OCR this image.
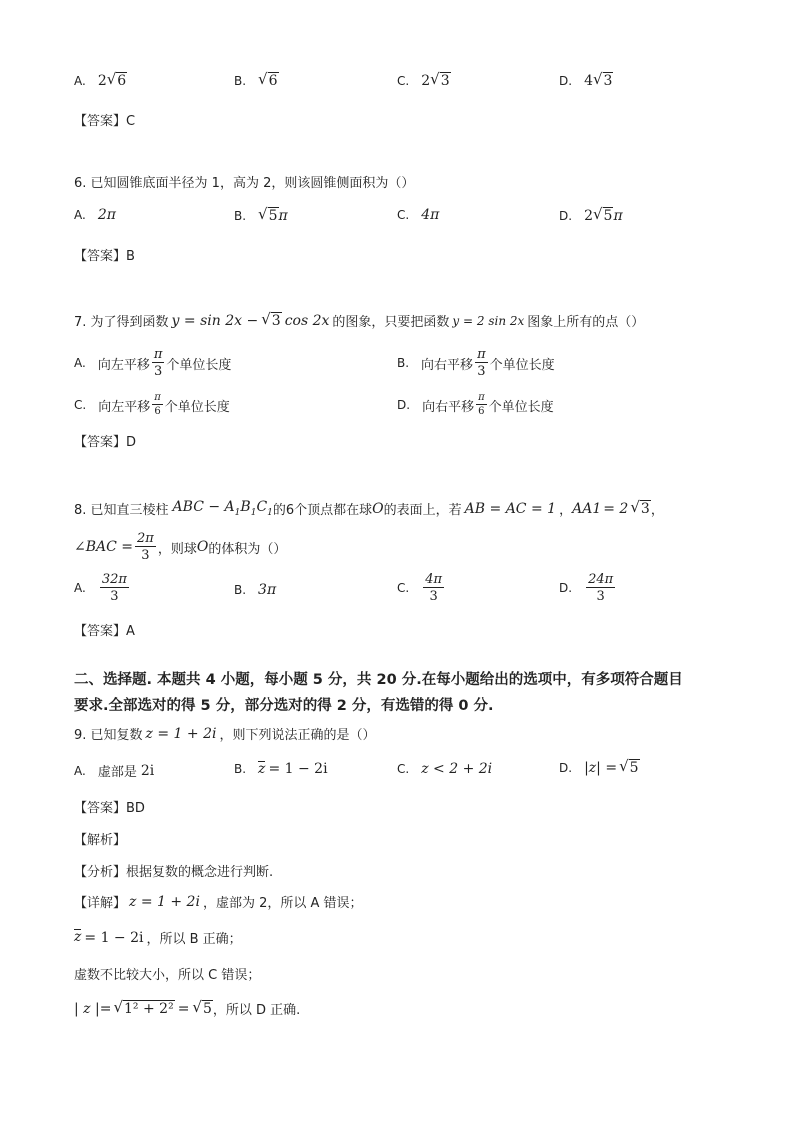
A. 2 √ 6	B. √ 6	C. 2 √ 3	D. 4 √ 3
【答案】C
6. 已知圆锥底面半径为 1，高为 2，则该圆锥侧面积为（）
A. 2π	B. √ 5 π	C. 4π	D. 2 √ 5 π
【答案】B
7. 为了得到函数 y = sin 2x − √ 3 cos 2x 的图象，只要把函数 y = 2 sin 2x 图象上所有的点（）
A. 向左平移 $\frac{\pi}{3}$ 个单位长度	B. 向右平移 $\frac{\pi}{3}$ 个单位长度
C. 向左平移 $\frac{\pi}{6}$ 个单位长度	D. 向右平移 $\frac{\pi}{6}$ 个单位长度
【答案】D
8. 已知直三棱柱 ABC − $A_1B_1C_1$ 的6个顶点都在球 O 的表面上，若 AB = AC = 1 ， AA 1 = 2 √ 3 ，
∠BAC = $\frac{2\pi}{3}$ ，则球 O 的体积为（）
A. $\frac{32\pi}{3}$	B. 3π	C. $\frac{4\pi}{3}$	D. $\frac{24\pi}{3}$
【答案】A
二、选择题. 本题共 4 小题，每小题 5 分，共 20 分.在每小题给出的选项中，有多项符合题目
要求.全部选对的得 5 分，部分选对的得 2 分，有选错的得 0 分.
9. 已知复数 z = 1 + 2i ，则下列说法正确的是（）
A. 虚部是 2i	B. z = 1 − 2i	C. z < 2 + 2i	D. |z| = √ 5
【答案】BD
【解析】
【分析】根据复数的概念进行判断.
【详解】 z = 1 + 2i ，虚部为 2，所以 A 错误；
z = 1 − 2i ，所以 B 正确；
虚数不比较大小，所以 C 错误；
| z |= √ 1² + 2² = √ 5 ，所以 D 正确.
